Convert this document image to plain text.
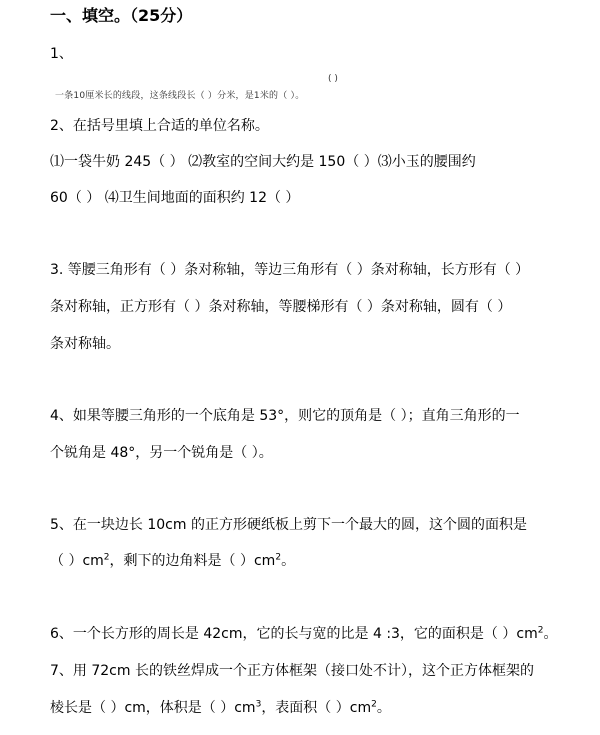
一、填空。（25分）
1、
( )
一条10厘米长的线段，这条线段长（ ）分米，是1米的（ ）。
2、在括号里填上合适的单位名称。
⑴一袋牛奶 245（ ） ⑵教室的空间大约是 150（ ）⑶小玉的腰围约
60（ ） ⑷卫生间地面的面积约 12（ ）
3. 等腰三角形有（ ）条对称轴，等边三角形有（ ）条对称轴，长方形有（ ）
条对称轴，正方形有（ ）条对称轴，等腰梯形有（ ）条对称轴，圆有（ ）
条对称轴。
4、如果等腰三角形的一个底角是 53°，则它的顶角是（ ）；直角三角形的一
个锐角是 48°，另一个锐角是（ ）。
5、在一块边长 10cm 的正方形硬纸板上剪下一个最大的圆，这个圆的面积是
（ ）$cm^2$，剩下的边角料是（ ）$cm^2$。
6、一个长方形的周长是 42cm，它的长与宽的比是 4 :3，它的面积是（ ）$cm^2$。
7、用 72cm 长的铁丝焊成一个正方体框架（接口处不计），这个正方体框架的
棱长是（ ）cm，体积是（ ）$cm^3$，表面积（ ）$cm^2$。
